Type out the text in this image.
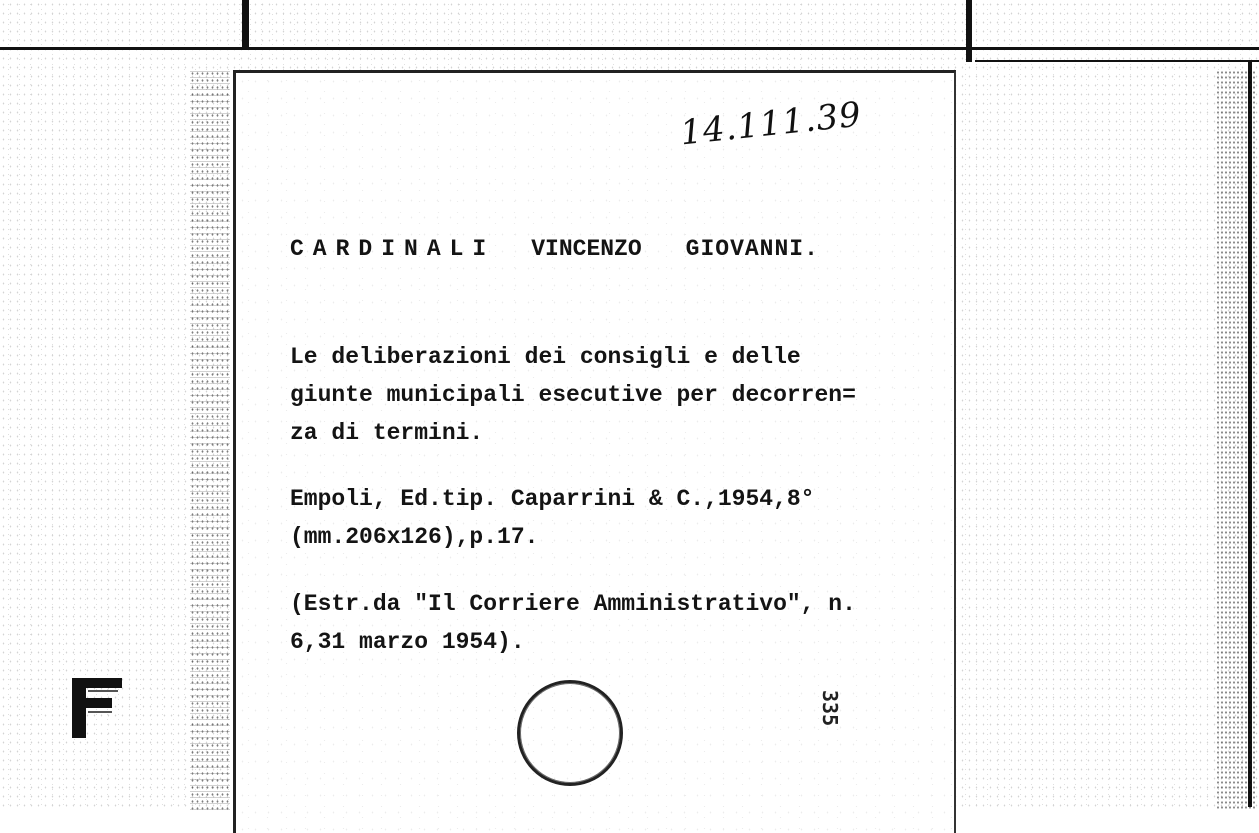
14.111.39
CARDINALI VINCENZO GIOVANNI.
Le deliberazioni dei consigli e delle
giunte municipali esecutive per decorren=
za di termini.
Empoli, Ed.tip. Caparrini & C.,1954,8°
(mm.206x126),p.17.
(Estr.da "Il Corriere Amministrativo", n.
6,31 marzo 1954).
335
